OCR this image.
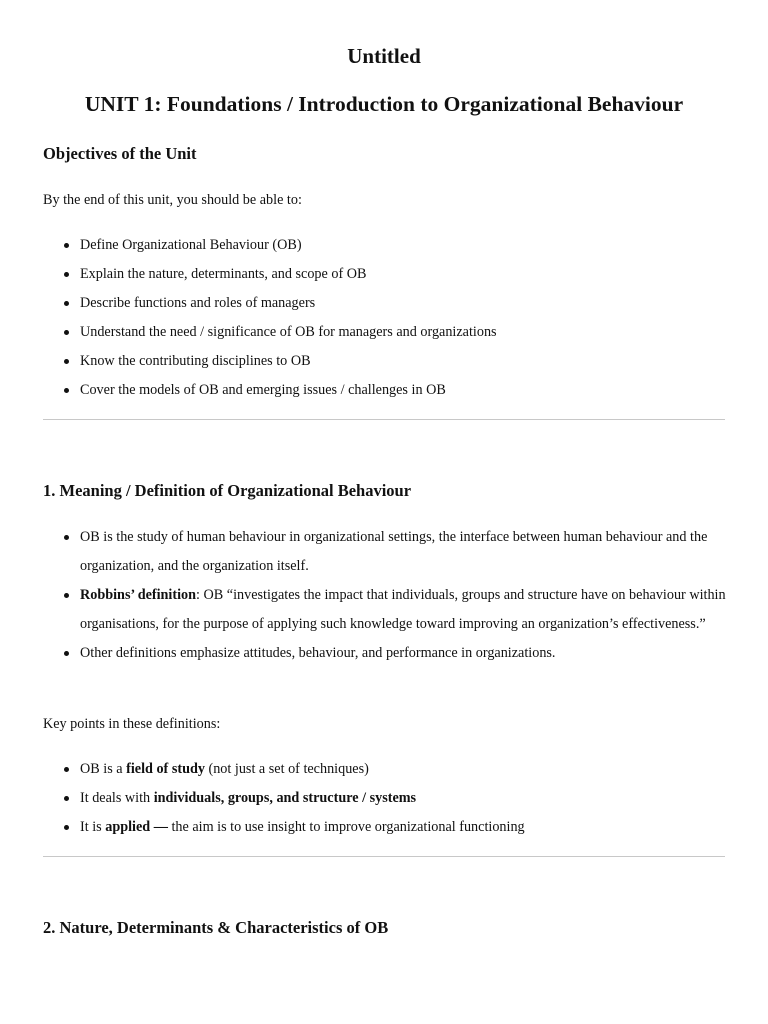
Untitled
UNIT 1: Foundations / Introduction to Organizational Behaviour
Objectives of the Unit

By the end of this unit, you should be able to:

Define Organizational Behaviour (OB)
Explain the nature, determinants, and scope of OB
Describe functions and roles of managers
Understand the need / significance of OB for managers and organizations
Know the contributing disciplines to OB
Cover the models of OB and emerging issues / challenges in OB
1. Meaning / Definition of Organizational Behaviour
OB is the study of human behaviour in organizational settings, the interface between human behaviour and the organization, and the organization itself.
Robbins’ definition: OB “investigates the impact that individuals, groups and structure have on behaviour within organisations, for the purpose of applying such knowledge toward improving an organization’s effectiveness.”
Other definitions emphasize attitudes, behaviour, and performance in organizations.

Key points in these definitions:

OB is a field of study (not just a set of techniques)
It deals with individuals, groups, and structure / systems
It is applied — the aim is to use insight to improve organizational functioning
2. Nature, Determinants & Characteristics of OB
